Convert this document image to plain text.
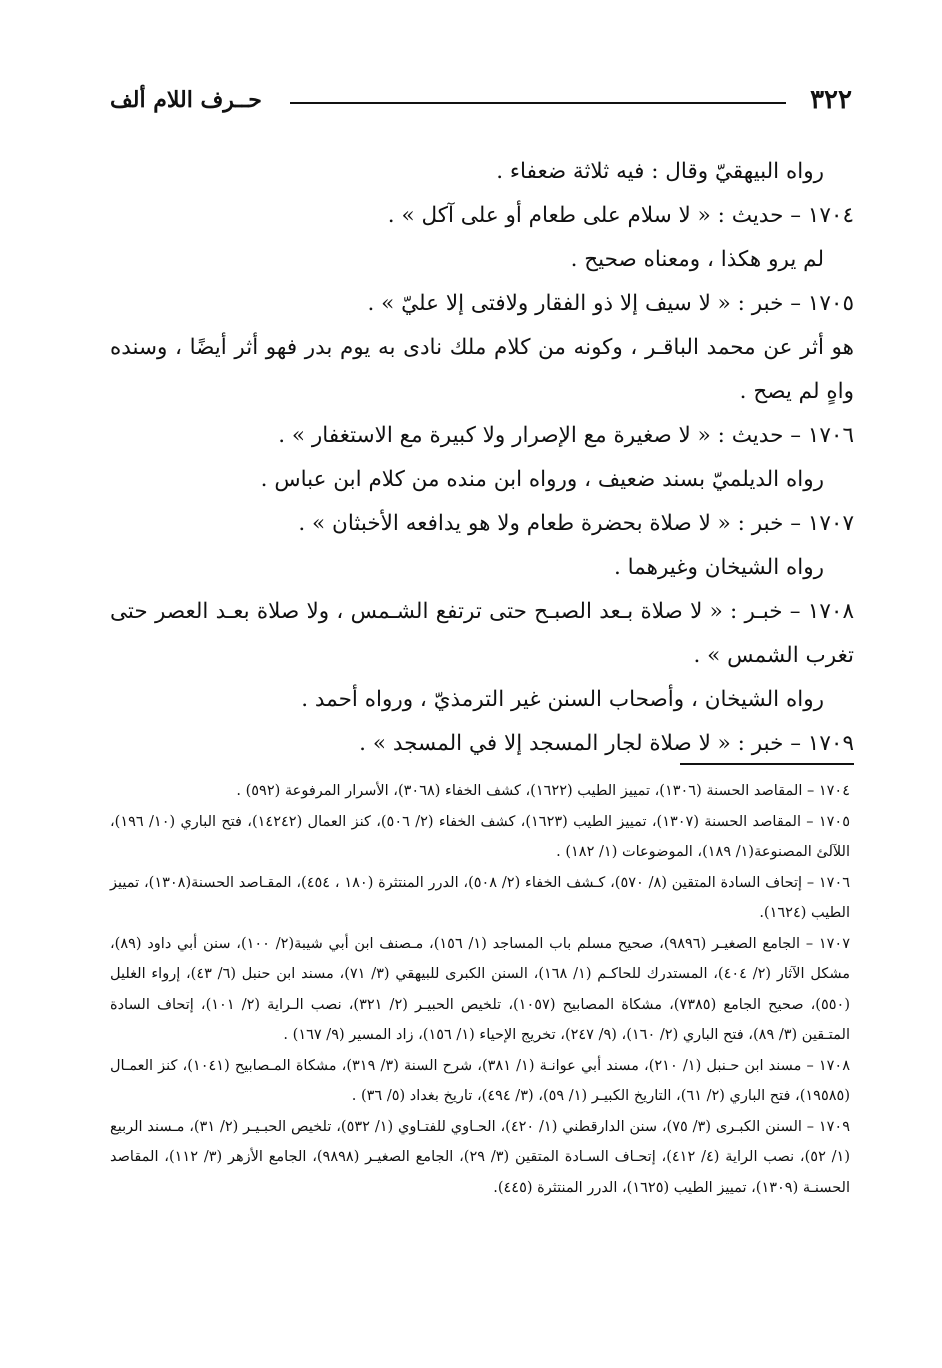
٣٢٢
حــرف اللام ألف

رواه البيهقيّ وقال : فيه ثلاثة ضعفاء .

١٧٠٤ – حديث : « لا سلام على طعام أو على آكل » .

لم يرو هكذا ، ومعناه صحيح .

١٧٠٥ – خبر : « لا سيف إلا ذو الفقار ولافتى إلا عليّ » .

هو أثر عن محمد الباقـر ، وكونه من كلام ملك نادى به يوم بدر فهو أثر أيضًا ، وسنده واهٍ لم يصح .

١٧٠٦ – حديث : « لا صغيرة مع الإصرار ولا كبيرة مع الاستغفار » .

رواه الديلميّ بسند ضعيف ، ورواه ابن منده من كلام ابن عباس .

١٧٠٧ – خبر : « لا صلاة بحضرة طعام ولا هو يدافعه الأخبثان » .

رواه الشيخان وغيرهما .

١٧٠٨ – خبـر : « لا صلاة بـعد الصبـح حتى ترتفع الشـمس ، ولا صلاة بعـد العصر حتى تغرب الشمس » .

رواه الشيخان ، وأصحاب السنن غير الترمذيّ ، ورواه أحمد .

١٧٠٩ – خبر : « لا صلاة لجار المسجد إلا في المسجد » .

١٧٠٤ – المقاصد الحسنة (١٣٠٦)، تمييز الطيب (١٦٢٢)، كشف الخفاء (٣٠٦٨)، الأسرار المرفوعة (٥٩٢) .

١٧٠٥ – المقاصد الحسنة (١٣٠٧)، تمييز الطيب (١٦٢٣)، كشف الخفاء (٢/ ٥٠٦)، كنز العمال (١٤٢٤٢)، فتح الباري (١٠/ ١٩٦)، اللآلئ المصنوعة(١/ ١٨٩)، الموضوعات (١/ ١٨٢) .

١٧٠٦ – إتحاف السادة المتقين (٨/ ٥٧٠)، كـشف الخفاء (٢/ ٥٠٨)، الدرر المنتثرة (١٨٠ ، ٤٥٤)، المقـاصد الحسنة(١٣٠٨)، تمييز الطيب (١٦٢٤).

١٧٠٧ – الجامع الصغيـر (٩٨٩٦)، صحيح مسلم باب المساجد (١/ ١٥٦)، مـصنف ابن أبي شيبة(٢/ ١٠٠)، سنن أبي داود (٨٩)، مشكل الآثار (٢/ ٤٠٤)، المستدرك للحاكـم (١/ ١٦٨)، السنن الكبرى للبيهقي (٣/ ٧١)، مسند ابن حنبل (٦/ ٤٣)، إرواء الغليل (٥٥٠)، صحيح الجامع (٧٣٨٥)، مشكاة المصابيح (١٠٥٧)، تلخيص الحبيـر (٢/ ٣٢١)، نصب الـراية (٢/ ١٠١)، إتحاف السادة المتـقين (٣/ ٨٩)، فتح الباري (٢/ ١٦٠)، (٩/ ٢٤٧)، تخريج الإحياء (١/ ١٥٦)، زاد المسير (٩/ ١٦٧) .

١٧٠٨ – مسند ابن حـنبل (١/ ٢١٠)، مسند أبي عوانـة (١/ ٣٨١)، شرح السنة (٣/ ٣١٩)، مشكاة المـصابيح (١٠٤١)، كنز العمـال (١٩٥٨٥)، فتح الباري (٢/ ٦١)، التاريخ الكبيـر (١/ ٥٩)، (٣/ ٤٩٤)، تاريخ بغداد (٥/ ٣٦) .

١٧٠٩ – السنن الكبـرى (٣/ ٧٥)، سنن الدارقطني (١/ ٤٢٠)، الحـاوي للفتـاوي (١/ ٥٣٢)، تلخيص الحبـيـر (٢/ ٣١)، مـسند الربيع (١/ ٥٢)، نصب الراية (٤/ ٤١٢)، إتحـاف السـادة المتقين (٣/ ٢٩)، الجامع الصغيـر (٩٨٩٨)، الجامع الأزهر (٣/ ١١٢)، المقاصد الحسنـة (١٣٠٩)، تمييز الطيب (١٦٢٥)، الدرر المنتثرة (٤٤٥).
